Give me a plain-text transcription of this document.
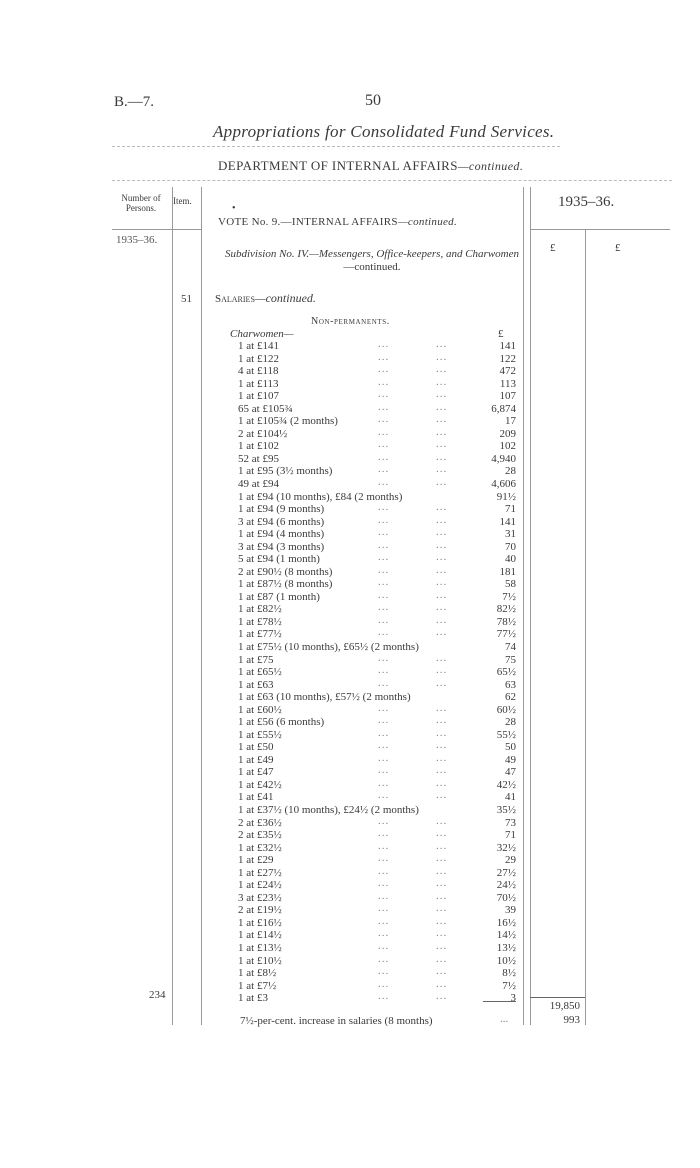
B.—7.	50
Appropriations for Consolidated Fund Services.
DEPARTMENT OF INTERNAL AFFAIRS—continued.
Number of Persons.
Item.	1935–36.
•
VOTE No. 9.—INTERNAL AFFAIRS—continued.
1935–36.
£	£
Subdivision No. IV.—Messengers, Office-keepers, and Charwomen—continued.
51 Salaries—continued.
Non-permanents.
Charwomen—	£
1 at £141	...	...	141
1 at £122	...	...	122
4 at £118	...	...	472
1 at £113	...	...	113
1 at £107	...	...	107
65 at £105¾	...	...	6,874
1 at £105¾ (2 months)	...	...	17
2 at £104½	...	...	209
1 at £102	...	...	102
52 at £95	...	...	4,940
1 at £95 (3½ months)	...	...	28
49 at £94	...	...	4,606
1 at £94 (10 months), £84 (2 months)	91½
1 at £94 (9 months)	...	...	71
3 at £94 (6 months)	...	...	141
1 at £94 (4 months)	...	...	31
3 at £94 (3 months)	...	...	70
5 at £94 (1 month)	...	...	40
2 at £90½ (8 months)	...	...	181
1 at £87½ (8 months)	...	...	58
1 at £87 (1 month)	...	...	7½
1 at £82½	...	...	82½
1 at £78½	...	...	78½
1 at £77½	...	...	77½
1 at £75½ (10 months), £65½ (2 months)	74
1 at £75	...	...	75
1 at £65½	...	...	65½
1 at £63	...	...	63
1 at £63 (10 months), £57½ (2 months)	62
1 at £60½	...	...	60½
1 at £56 (6 months)	...	...	28
1 at £55½	...	...	55½
1 at £50	...	...	50
1 at £49	...	...	49
1 at £47	...	...	47
1 at £42½	...	...	42½
1 at £41	...	...	41
1 at £37½ (10 months), £24½ (2 months)	35½
2 at £36½	...	...	73
2 at £35½	...	...	71
1 at £32½	...	...	32½
1 at £29	...	...	29
1 at £27½	...	...	27½
1 at £24½	...	...	24½
3 at £23½	...	...	70½
2 at £19½	...	...	39
1 at £16½	...	...	16½
1 at £14½	...	...	14½
1 at £13½	...	...	13½
1 at £10½	...	...	10½
1 at £8½	...	...	8½
1 at £7½	...	...	7½
1 at £3	...	...	3
234
19,850
7½-per-cent. increase in salaries (8 months)	...	993
